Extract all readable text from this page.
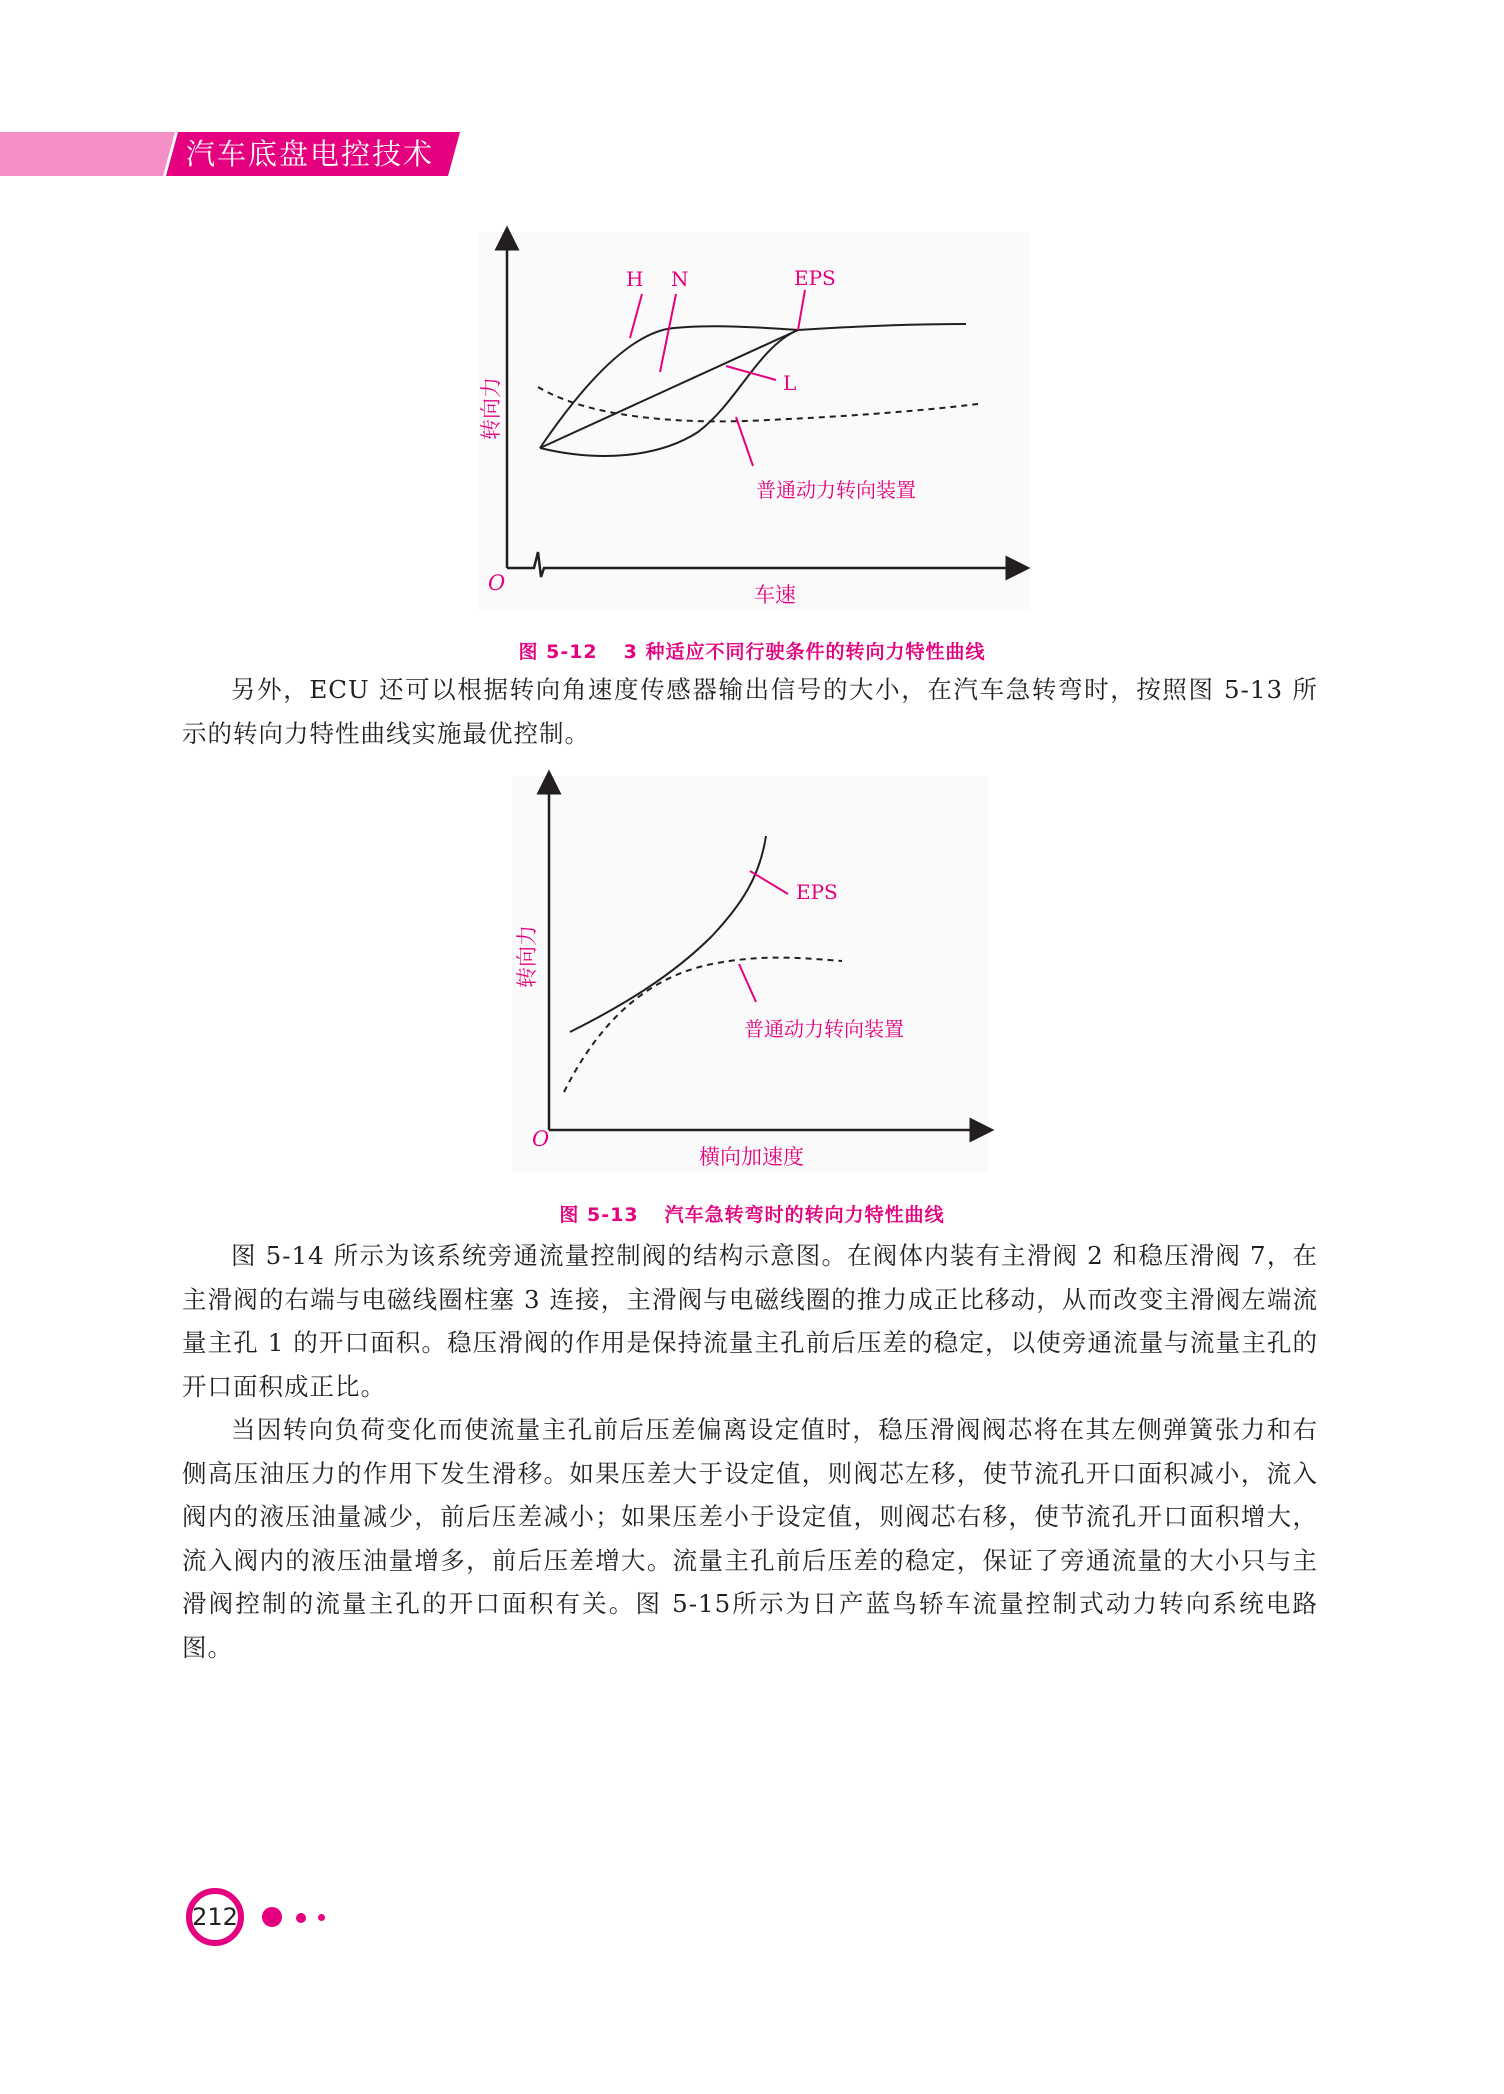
汽车底盘电控技术
H N	EPS
L
普通动力转向装置
O	车速
转向力
图 5-12 3 种适应不同行驶条件的转向力特性曲线

另外，ECU 还可以根据转向角速度传感器输出信号的大小，在汽车急转弯时，按照图 5-13 所示的转向力特性曲线实施最优控制。

EPS
普通动力转向装置
O
横向加速度
转向力
图 5-13 汽车急转弯时的转向力特性曲线

图 5-14 所示为该系统旁通流量控制阀的结构示意图。在阀体内装有主滑阀 2 和稳压滑阀 7，在主滑阀的右端与电磁线圈柱塞 3 连接，主滑阀与电磁线圈的推力成正比移动，从而改变主滑阀左端流量主孔 1 的开口面积。稳压滑阀的作用是保持流量主孔前后压差的稳定，以使旁通流量与流量主孔的开口面积成正比。

当因转向负荷变化而使流量主孔前后压差偏离设定值时，稳压滑阀阀芯将在其左侧弹簧张力和右侧高压油压力的作用下发生滑移。如果压差大于设定值，则阀芯左移，使节流孔开口面积减小，流入阀内的液压油量减少，前后压差减小；如果压差小于设定值，则阀芯右移，使节流孔开口面积增大，流入阀内的液压油量增多，前后压差增大。流量主孔前后压差的稳定，保证了旁通流量的大小只与主滑阀控制的流量主孔的开口面积有关。图 5-15所示为日产蓝鸟轿车流量控制式动力转向系统电路图。

212
